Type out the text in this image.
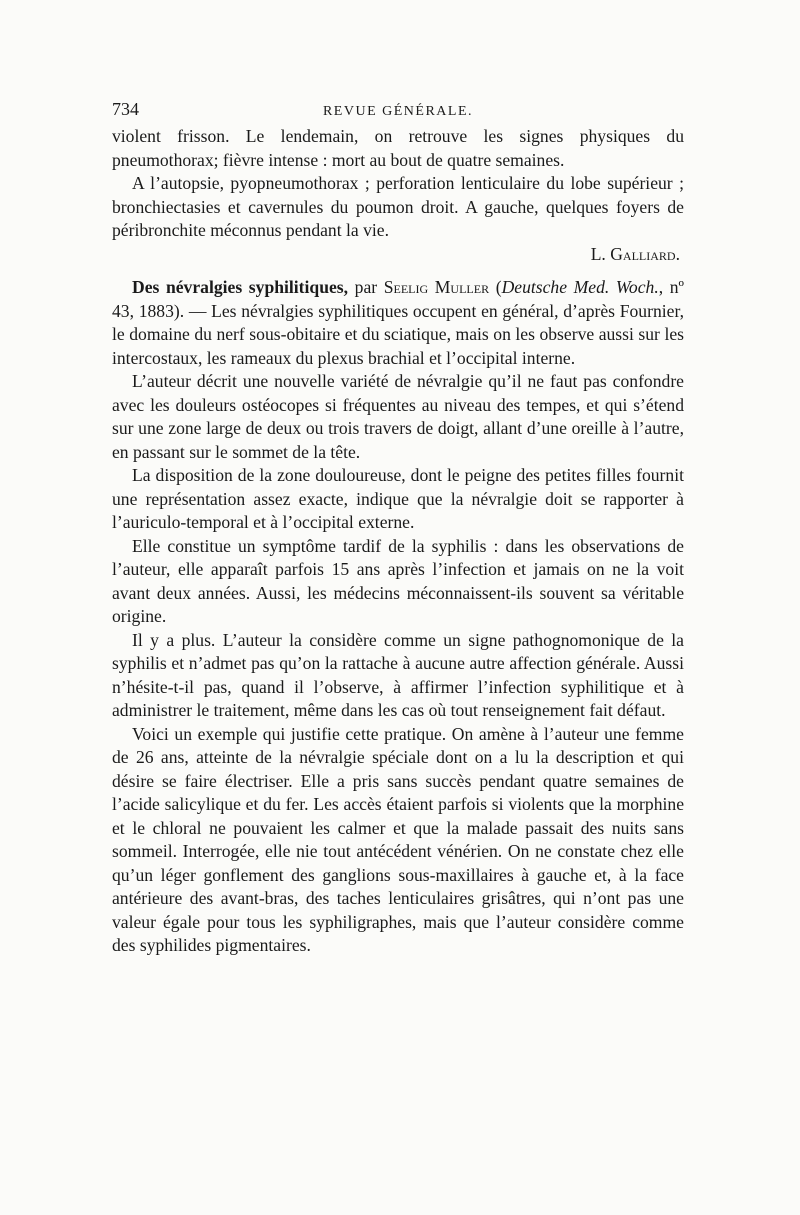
734	REVUE GÉNÉRALE.

violent frisson. Le lendemain, on retrouve les signes physiques du pneumothorax; fièvre intense : mort au bout de quatre semaines.

A l’autopsie, pyopneumothorax ; perforation lenticulaire du lobe supérieur ; bronchiectasies et cavernules du poumon droit. A gauche, quelques foyers de péribronchite méconnus pendant la vie.

L. Galliard.

Des névralgies syphilitiques, par Seelig Muller (Deutsche Med. Woch., nº 43, 1883). — Les névralgies syphilitiques occupent en général, d’après Fournier, le domaine du nerf sous-obitaire et du sciatique, mais on les observe aussi sur les intercostaux, les rameaux du plexus brachial et l’occipital interne.

L’auteur décrit une nouvelle variété de névralgie qu’il ne faut pas confondre avec les douleurs ostéocopes si fréquentes au niveau des tempes, et qui s’étend sur une zone large de deux ou trois travers de doigt, allant d’une oreille à l’autre, en passant sur le sommet de la tête.

La disposition de la zone douloureuse, dont le peigne des petites filles fournit une représentation assez exacte, indique que la névralgie doit se rapporter à l’auriculo-temporal et à l’occipital externe.

Elle constitue un symptôme tardif de la syphilis : dans les observations de l’auteur, elle apparaît parfois 15 ans après l’infection et jamais on ne la voit avant deux années. Aussi, les médecins méconnaissent-ils souvent sa véritable origine.

Il y a plus. L’auteur la considère comme un signe pathognomonique de la syphilis et n’admet pas qu’on la rattache à aucune autre affection générale. Aussi n’hésite-t-il pas, quand il l’observe, à affirmer l’infection syphilitique et à administrer le traitement, même dans les cas où tout renseignement fait défaut.

Voici un exemple qui justifie cette pratique. On amène à l’auteur une femme de 26 ans, atteinte de la névralgie spéciale dont on a lu la description et qui désire se faire électriser. Elle a pris sans succès pendant quatre semaines de l’acide salicylique et du fer. Les accès étaient parfois si violents que la morphine et le chloral ne pouvaient les calmer et que la malade passait des nuits sans sommeil. Interrogée, elle nie tout antécédent vénérien. On ne constate chez elle qu’un léger gonflement des ganglions sous-maxillaires à gauche et, à la face antérieure des avant-bras, des taches lenticulaires grisâtres, qui n’ont pas une valeur égale pour tous les syphiligraphes, mais que l’auteur considère comme des syphilides pigmentaires.
